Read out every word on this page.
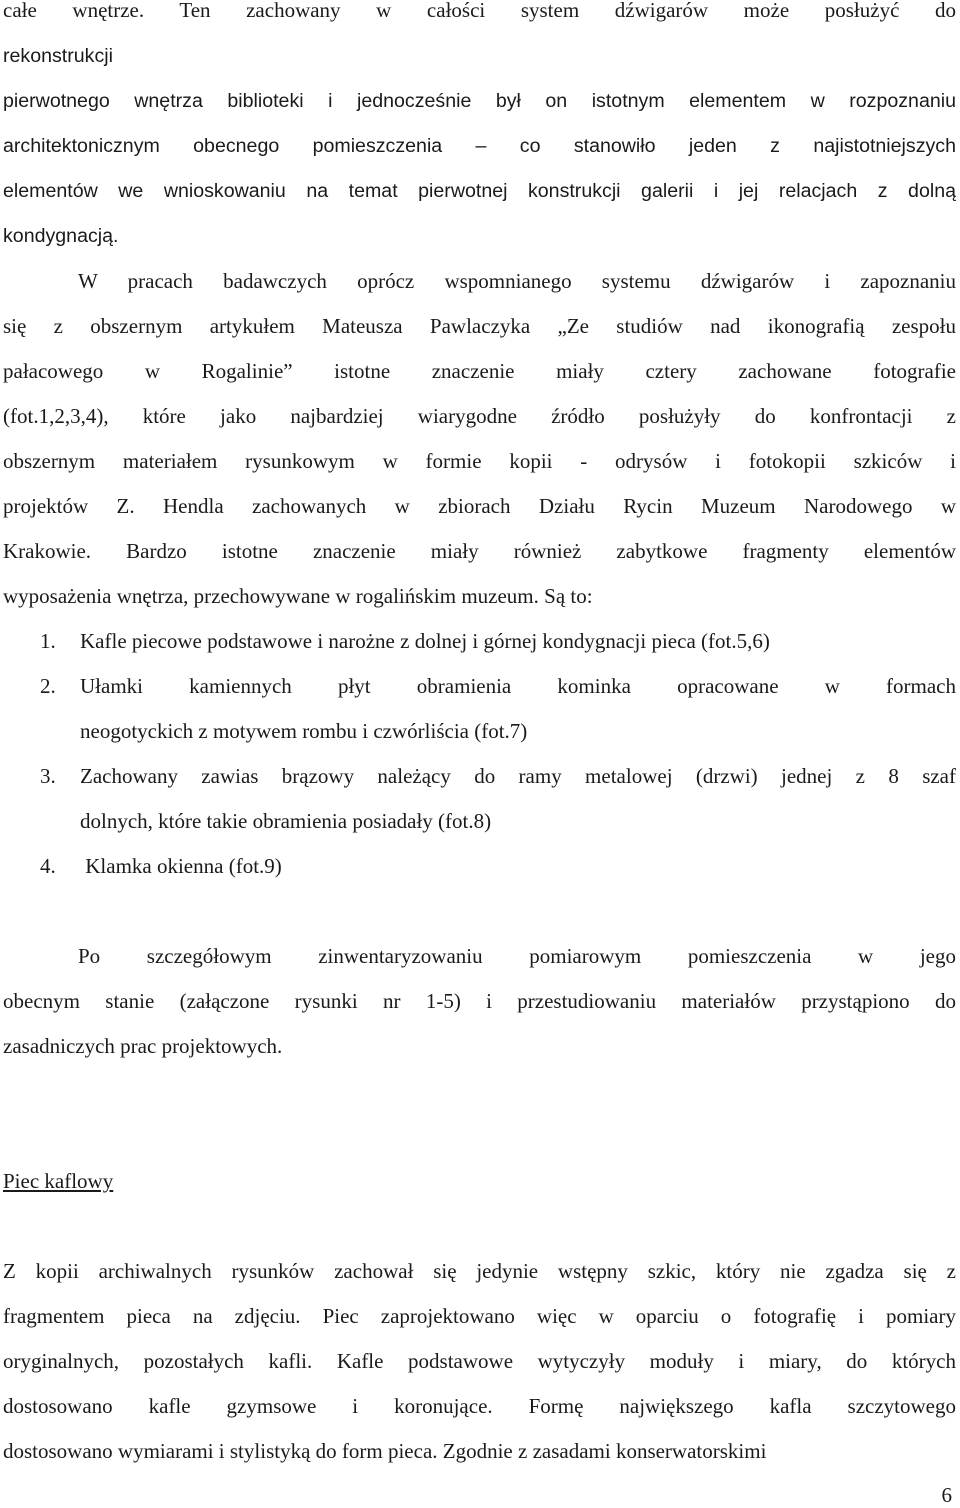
całe wnętrze. Ten zachowany w całości system dźwigarów może posłużyć do
rekonstrukcji
pierwotnego wnętrza biblioteki i jednocześnie był on istotnym elementem w rozpoznaniu
architektonicznym obecnego pomieszczenia – co stanowiło jeden z najistotniejszych
elementów we wnioskowaniu na temat pierwotnej konstrukcji galerii i jej relacjach z dolną
kondygnacją.
W pracach badawczych oprócz wspomnianego systemu dźwigarów i zapoznaniu
się z obszernym artykułem Mateusza Pawlaczyka „Ze studiów nad ikonografią zespołu
pałacowego w Rogalinie” istotne znaczenie miały cztery zachowane fotografie
(fot.1,2,3,4), które jako najbardziej wiarygodne źródło posłużyły do konfrontacji z
obszernym materiałem rysunkowym w formie kopii - odrysów i fotokopii szkiców i
projektów Z. Hendla zachowanych w zbiorach Działu Rycin Muzeum Narodowego w
Krakowie. Bardzo istotne znaczenie miały również zabytkowe fragmenty elementów
wyposażenia wnętrza, przechowywane w rogalińskim muzeum. Są to:
1.	Kafle piecowe podstawowe i narożne z dolnej i górnej kondygnacji pieca (fot.5,6)
2.	Ułamki kamiennych płyt obramienia kominka opracowane w formach
neogotyckich z motywem rombu i czwórliścia (fot.7)
3.	Zachowany zawias brązowy należący do ramy metalowej (drzwi) jednej z 8 szaf
dolnych, które takie obramienia posiadały (fot.8)
4.	Klamka okienna (fot.9)
Po szczegółowym zinwentaryzowaniu pomiarowym pomieszczenia w jego
obecnym stanie (załączone rysunki nr 1-5) i przestudiowaniu materiałów przystąpiono do
zasadniczych prac projektowych.
Piec kaflowy
Z kopii archiwalnych rysunków zachował się jedynie wstępny szkic, który nie zgadza się z
fragmentem pieca na zdjęciu. Piec zaprojektowano więc w oparciu o fotografię i pomiary
oryginalnych, pozostałych kafli. Kafle podstawowe wytyczyły moduły i miary, do których
dostosowano kafle gzymsowe i koronujące. Formę największego kafla szczytowego
dostosowano wymiarami i stylistyką do form pieca. Zgodnie z zasadami konserwatorskimi
6
